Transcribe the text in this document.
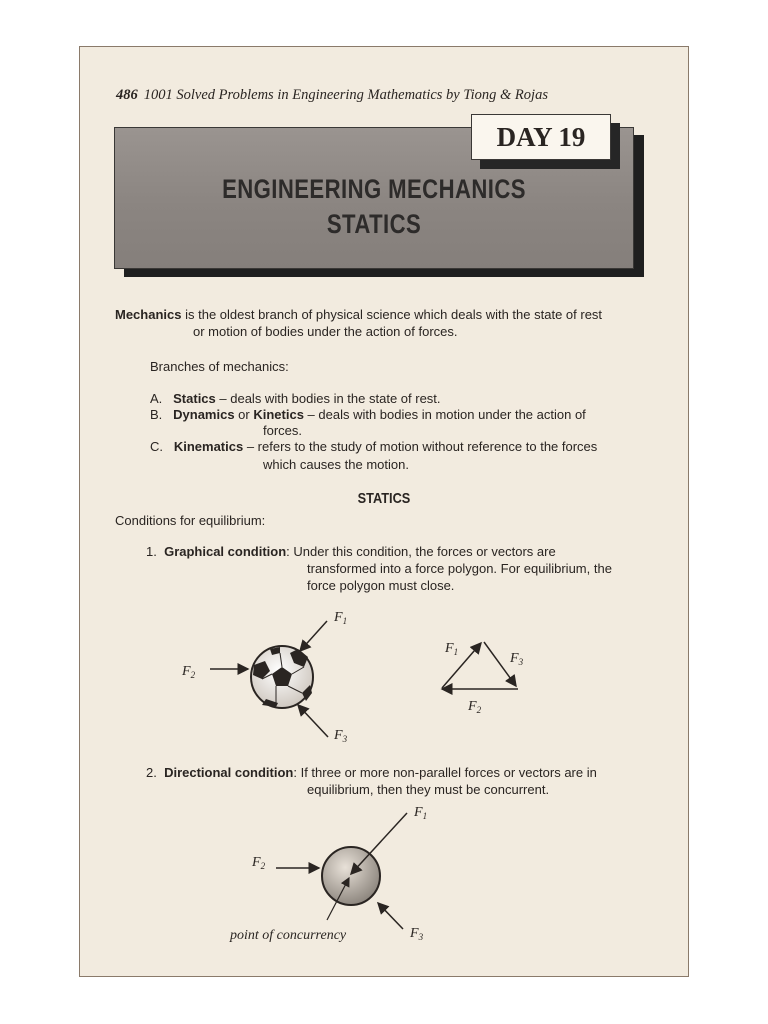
486 1001 Solved Problems in Engineering Mathematics by Tiong & Rojas
ENGINEERING MECHANICS
STATICS
DAY 19
Mechanics is the oldest branch of physical science which deals with the state of rest
or motion of bodies under the action of forces.
Branches of mechanics:
A. Statics – deals with bodies in the state of rest.
B. Dynamics or Kinetics – deals with bodies in motion under the action of
forces.
C. Kinematics – refers to the study of motion without reference to the forces
which causes the motion.
STATICS
Conditions for equilibrium:
1. Graphical condition: Under this condition, the forces or vectors are
transformed into a force polygon. For equilibrium, the
force polygon must close.
2. Directional condition: If three or more non-parallel forces or vectors are in
equilibrium, then they must be concurrent.
$F_1$
$F_2$
$F_3$
$F_1$	$F_3$
$F_2$
$F_1$
$F_2$
$F_3$
point of concurrency
